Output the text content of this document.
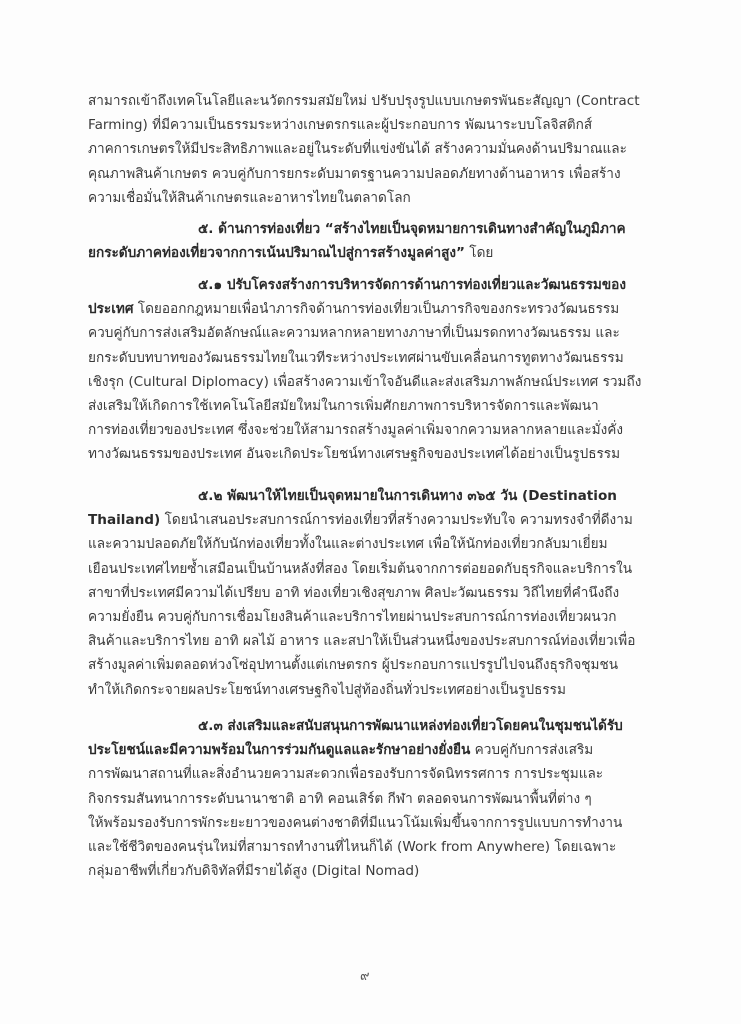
สามารถเข้าถึงเทคโนโลยีและนวัตกรรมสมัยใหม่ ปรับปรุงรูปแบบเกษตรพันธะสัญญา (Contract
Farming) ที่มีความเป็นธรรมระหว่างเกษตรกรและผู้ประกอบการ พัฒนาระบบโลจิสติกส์
ภาคการเกษตรให้มีประสิทธิภาพและอยู่ในระดับที่แข่งขันได้ สร้างความมั่นคงด้านปริมาณและ
คุณภาพสินค้าเกษตร ควบคู่กับการยกระดับมาตรฐานความปลอดภัยทางด้านอาหาร เพื่อสร้าง
ความเชื่อมั่นให้สินค้าเกษตรและอาหารไทยในตลาดโลก
๕. ด้านการท่องเที่ยว “สร้างไทยเป็นจุดหมายการเดินทางสำคัญในภูมิภาค
ยกระดับภาคท่องเที่ยวจากการเน้นปริมาณไปสู่การสร้างมูลค่าสูง” โดย
๕.๑ ปรับโครงสร้างการบริหารจัดการด้านการท่องเที่ยวและวัฒนธรรมของ
ประเทศ โดยออกกฎหมายเพื่อนำภารกิจด้านการท่องเที่ยวเป็นภารกิจของกระทรวงวัฒนธรรม
ควบคู่กับการส่งเสริมอัตลักษณ์และความหลากหลายทางภาษาที่เป็นมรดกทางวัฒนธรรม และ
ยกระดับบทบาทของวัฒนธรรมไทยในเวทีระหว่างประเทศผ่านขับเคลื่อนการทูตทางวัฒนธรรม
เชิงรุก (Cultural Diplomacy) เพื่อสร้างความเข้าใจอันดีและส่งเสริมภาพลักษณ์ประเทศ รวมถึง
ส่งเสริมให้เกิดการใช้เทคโนโลยีสมัยใหม่ในการเพิ่มศักยภาพการบริหารจัดการและพัฒนา
การท่องเที่ยวของประเทศ ซึ่งจะช่วยให้สามารถสร้างมูลค่าเพิ่มจากความหลากหลายและมั่งคั่ง
ทางวัฒนธรรมของประเทศ อันจะเกิดประโยชน์ทางเศรษฐกิจของประเทศได้อย่างเป็นรูปธรรม
๕.๒ พัฒนาให้ไทยเป็นจุดหมายในการเดินทาง ๓๖๕ วัน (Destination
Thailand) โดยนำเสนอประสบการณ์การท่องเที่ยวที่สร้างความประทับใจ ความทรงจำที่ดีงาม
และความปลอดภัยให้กับนักท่องเที่ยวทั้งในและต่างประเทศ เพื่อให้นักท่องเที่ยวกลับมาเยี่ยม
เยือนประเทศไทยซ้ำเสมือนเป็นบ้านหลังที่สอง โดยเริ่มต้นจากการต่อยอดกับธุรกิจและบริการใน
สาขาที่ประเทศมีความได้เปรียบ อาทิ ท่องเที่ยวเชิงสุขภาพ ศิลปะวัฒนธรรม วิถีไทยที่คำนึงถึง
ความยั่งยืน ควบคู่กับการเชื่อมโยงสินค้าและบริการไทยผ่านประสบการณ์การท่องเที่ยวผนวก
สินค้าและบริการไทย อาทิ ผลไม้ อาหาร และสปาให้เป็นส่วนหนึ่งของประสบการณ์ท่องเที่ยวเพื่อ
สร้างมูลค่าเพิ่มตลอดห่วงโซ่อุปทานตั้งแต่เกษตรกร ผู้ประกอบการแปรรูปไปจนถึงธุรกิจชุมชน
ทำให้เกิดกระจายผลประโยชน์ทางเศรษฐกิจไปสู่ท้องถิ่นทั่วประเทศอย่างเป็นรูปธรรม
๕.๓ ส่งเสริมและสนับสนุนการพัฒนาแหล่งท่องเที่ยวโดยคนในชุมชนได้รับ
ประโยชน์และมีความพร้อมในการร่วมกันดูแลและรักษาอย่างยั่งยืน ควบคู่กับการส่งเสริม
การพัฒนาสถานที่และสิ่งอำนวยความสะดวกเพื่อรองรับการจัดนิทรรศการ การประชุมและ
กิจกรรมสันทนาการระดับนานาชาติ อาทิ คอนเสิร์ต กีฬา ตลอดจนการพัฒนาพื้นที่ต่าง ๆ
ให้พร้อมรองรับการพักระยะยาวของคนต่างชาติที่มีแนวโน้มเพิ่มขึ้นจากการรูปแบบการทำงาน
และใช้ชีวิตของคนรุ่นใหม่ที่สามารถทำงานที่ไหนก็ได้ (Work from Anywhere) โดยเฉพาะ
กลุ่มอาชีพที่เกี่ยวกับดิจิทัลที่มีรายได้สูง (Digital Nomad)
๙
